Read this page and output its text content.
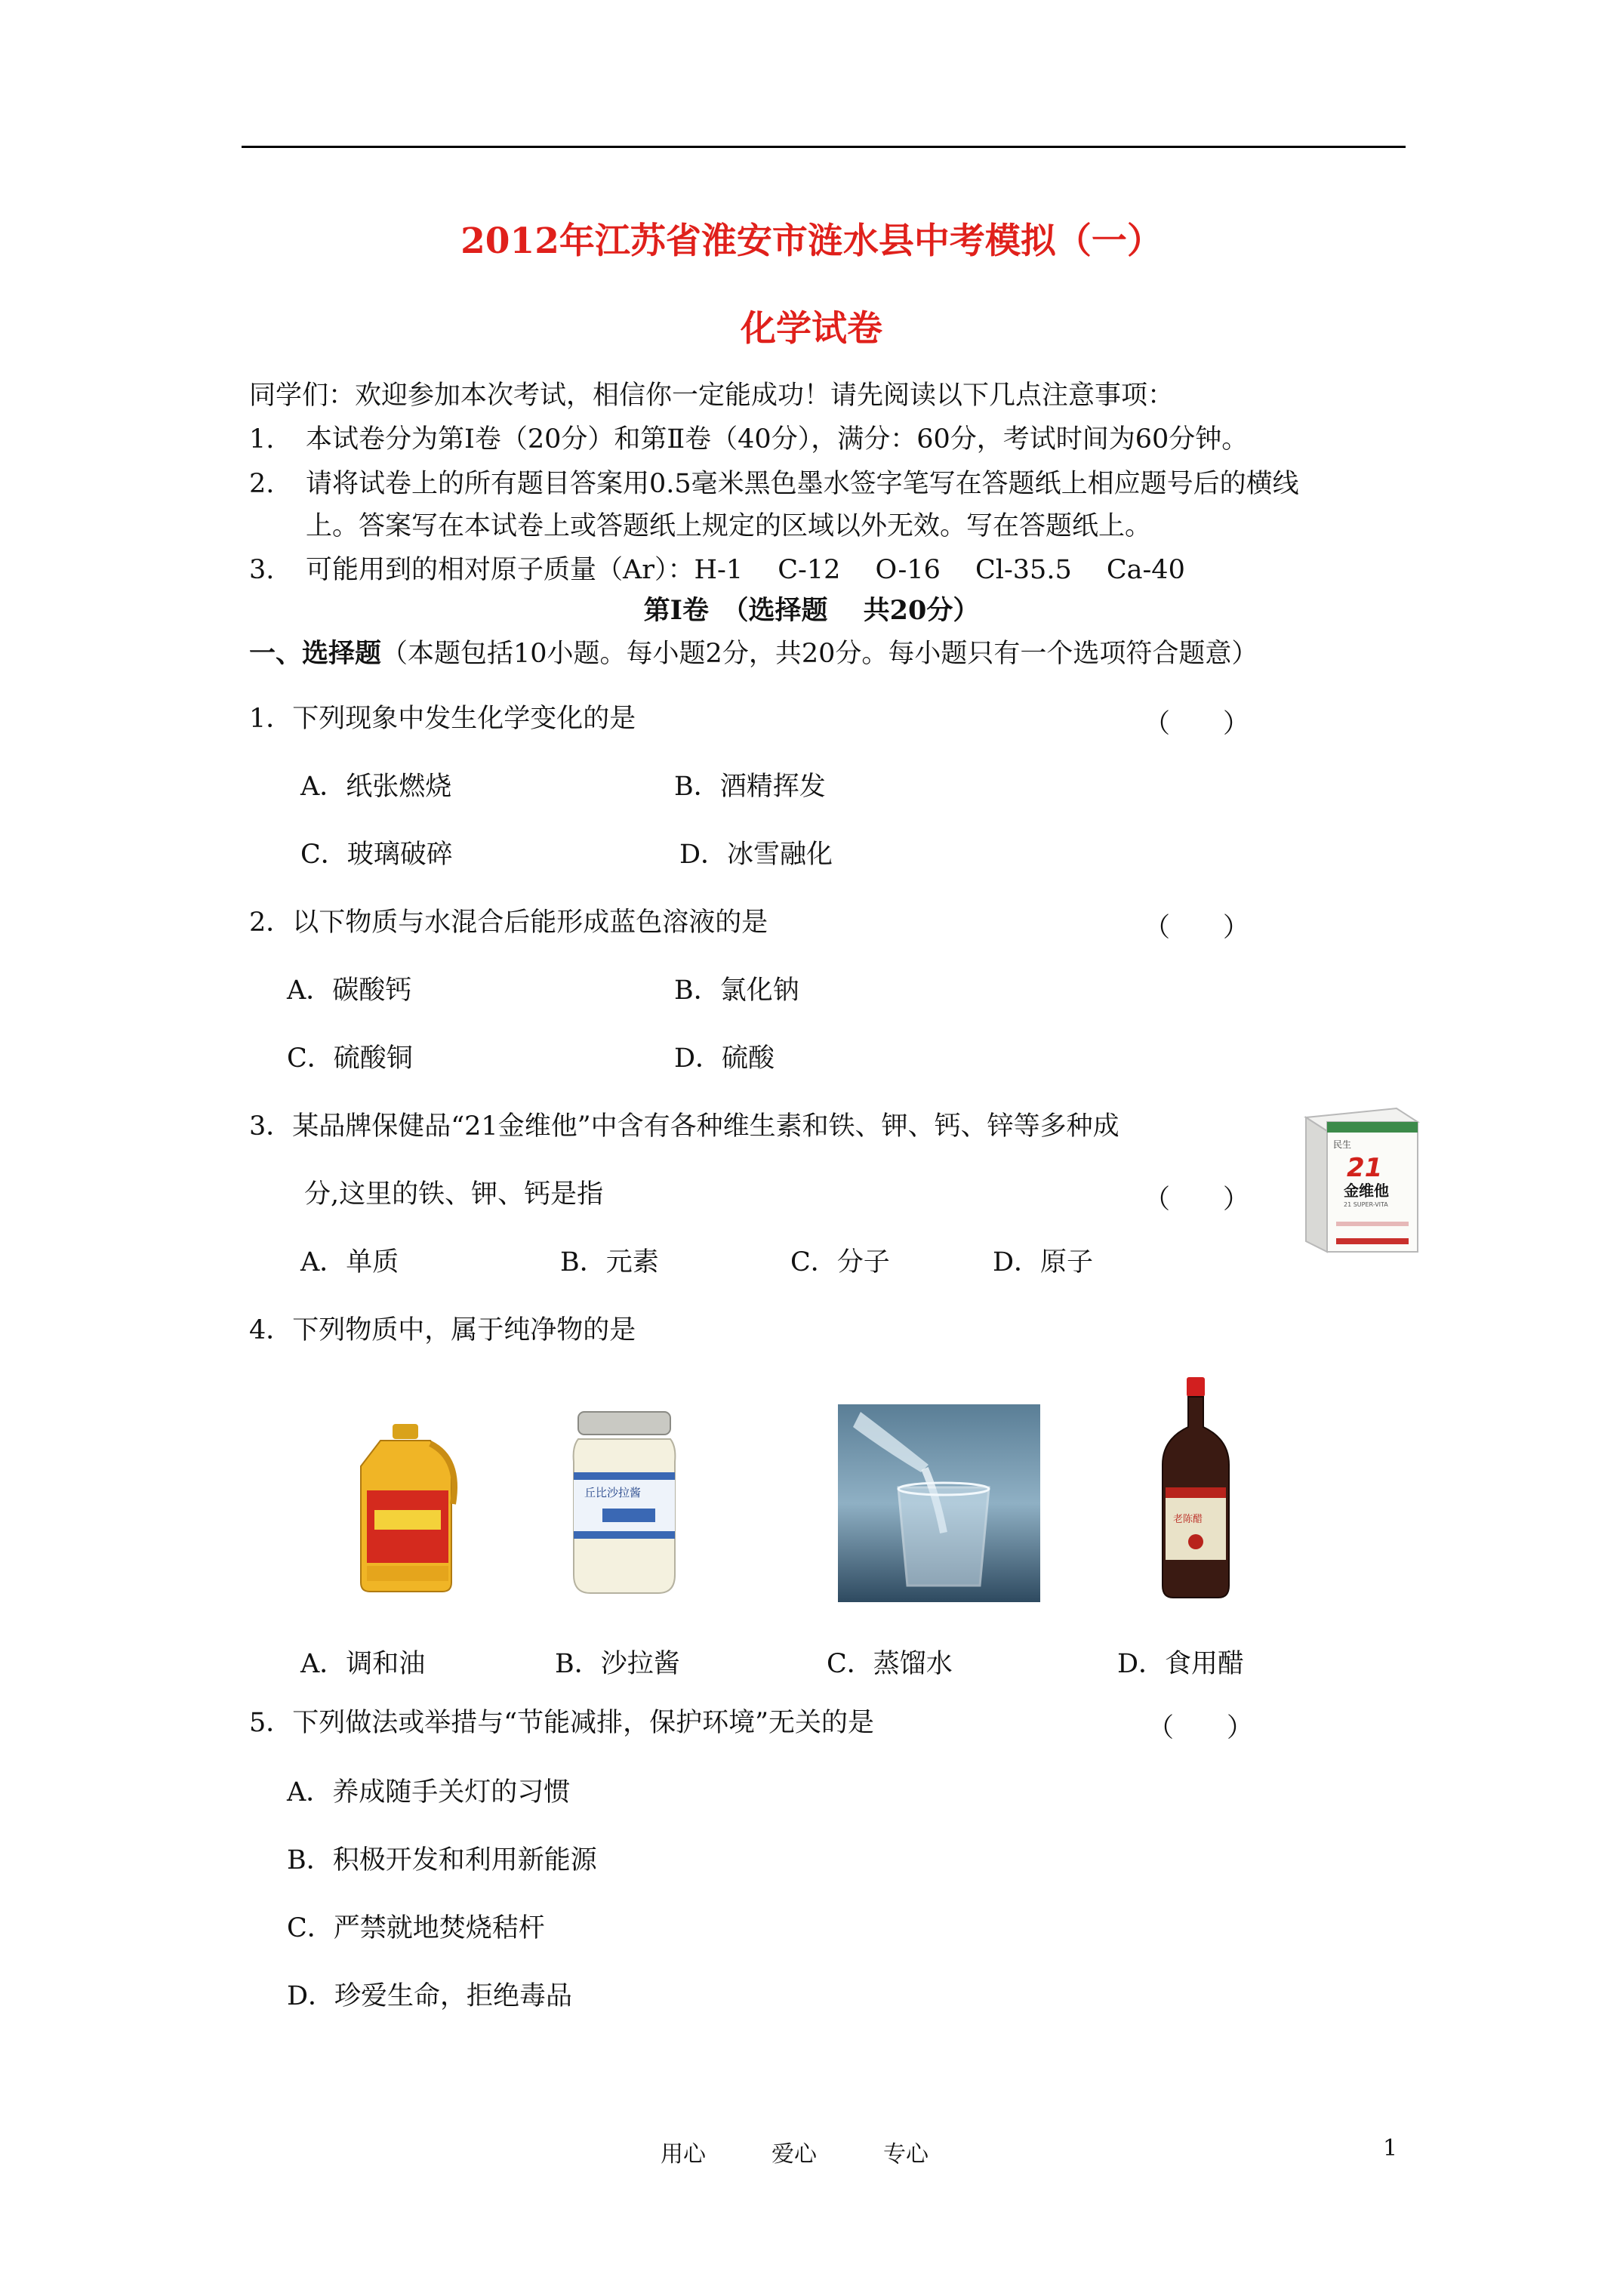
2012年江苏省淮安市涟水县中考模拟（一）
化学试卷
同学们：欢迎参加本次考试，相信你一定能成功！请先阅读以下几点注意事项：
1. 本试卷分为第Ⅰ卷（20分）和第Ⅱ卷（40分），满分：60分，考试时间为60分钟。
2. 请将试卷上的所有题目答案用0.5毫米黑色墨水签字笔写在答题纸上相应题号后的横线
上。答案写在本试卷上或答题纸上规定的区域以外无效。写在答题纸上。
3. 可能用到的相对原子质量（Ar）：H-1　 C-12　 O-16　 Cl-35.5　 Ca-40
第Ⅰ卷　（选择题　 共20分）
一、选择题（本题包括10小题。每小题2分，共20分。每小题只有一个选项符合题意）
1．下列现象中发生化学变化的是	（　　）
A．纸张燃烧	B．酒精挥发
C．玻璃破碎	D．冰雪融化
2．以下物质与水混合后能形成蓝色溶液的是	（　　）
A．碳酸钙	B．氯化钠
C．硫酸铜	D．硫酸
3．某品牌保健品“21金维他”中含有各种维生素和铁、钾、钙、锌等多种成
分,这里的铁、钾、钙是指	（　　）
A．单质	B．元素	C．分子	D．原子
民生
21
金维他
21 SUPER-VITA
4．下列物质中，属于纯净物的是
丘比沙拉酱
老陈醋
A．调和油	B．沙拉酱	C．蒸馏水	D．食用醋
5．下列做法或举措与“节能减排，保护环境”无关的是	（　　）
A．养成随手关灯的习惯
B．积极开发和利用新能源
C．严禁就地焚烧秸杆
D．珍爱生命，拒绝毒品
用心	爱心	专心	1
